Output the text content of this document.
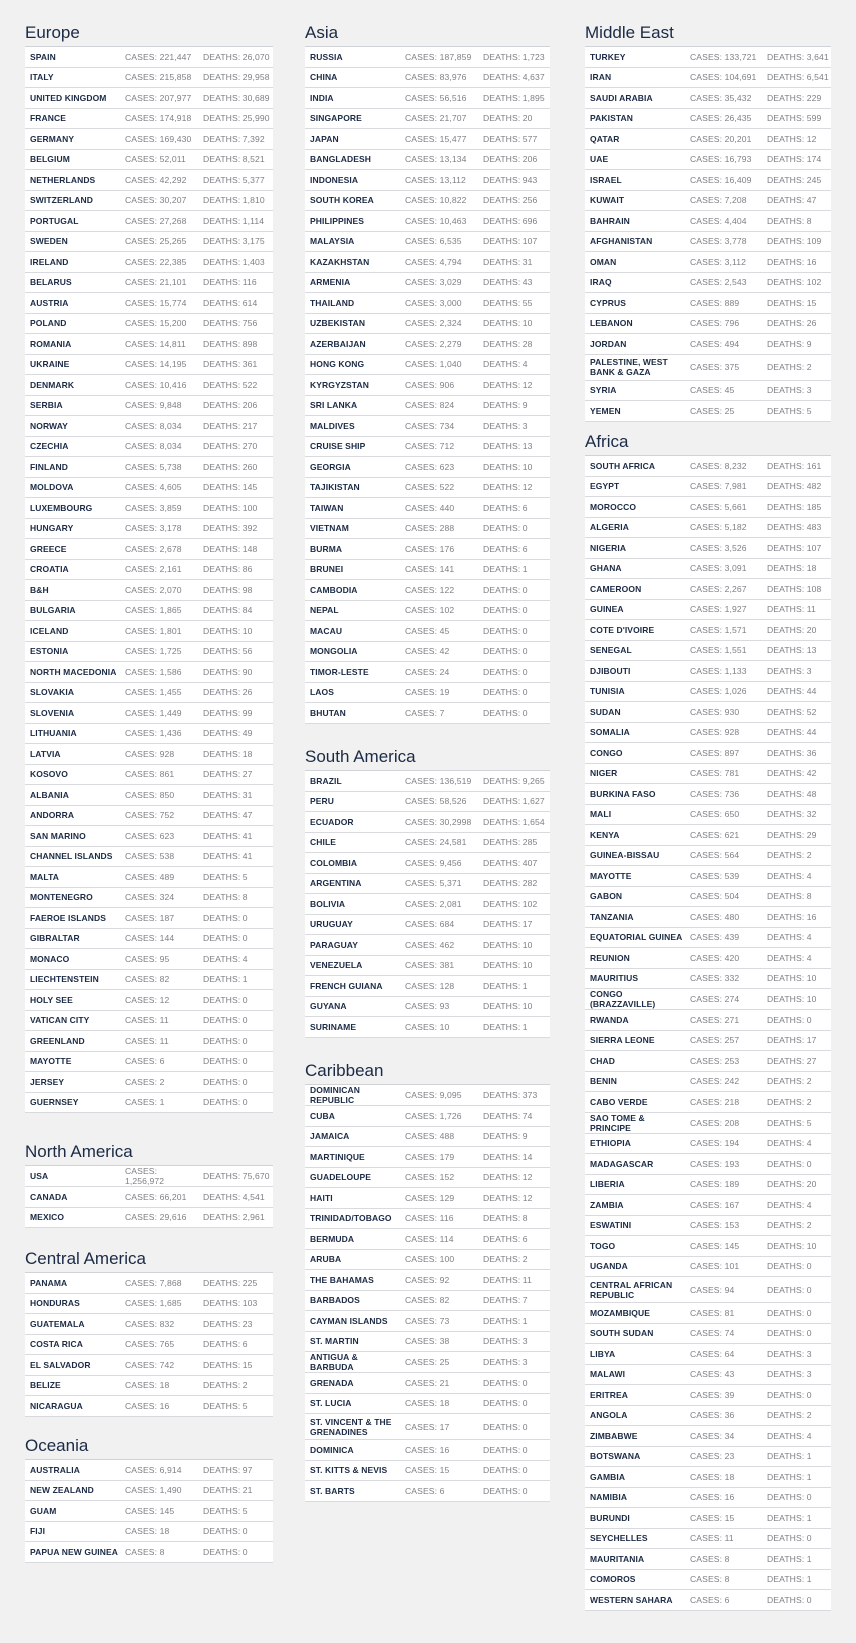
Europe
SPAIN	CASES: 221,447	DEATHS: 26,070
ITALY	CASES: 215,858	DEATHS: 29,958
UNITED KINGDOM	CASES: 207,977	DEATHS: 30,689
FRANCE	CASES: 174,918	DEATHS: 25,990
GERMANY	CASES: 169,430	DEATHS: 7,392
BELGIUM	CASES: 52,011	DEATHS: 8,521
NETHERLANDS	CASES: 42,292	DEATHS: 5,377
SWITZERLAND	CASES: 30,207	DEATHS: 1,810
PORTUGAL	CASES: 27,268	DEATHS: 1,114
SWEDEN	CASES: 25,265	DEATHS: 3,175
IRELAND	CASES: 22,385	DEATHS: 1,403
BELARUS	CASES: 21,101	DEATHS: 116
AUSTRIA	CASES: 15,774	DEATHS: 614
POLAND	CASES: 15,200	DEATHS: 756
ROMANIA	CASES: 14,811	DEATHS: 898
UKRAINE	CASES: 14,195	DEATHS: 361
DENMARK	CASES: 10,416	DEATHS: 522
SERBIA	CASES: 9,848	DEATHS: 206
NORWAY	CASES: 8,034	DEATHS: 217
CZECHIA	CASES: 8,034	DEATHS: 270
FINLAND	CASES: 5,738	DEATHS: 260
MOLDOVA	CASES: 4,605	DEATHS: 145
LUXEMBOURG	CASES: 3,859	DEATHS: 100
HUNGARY	CASES: 3,178	DEATHS: 392
GREECE	CASES: 2,678	DEATHS: 148
CROATIA	CASES: 2,161	DEATHS: 86
B&H	CASES: 2,070	DEATHS: 98
BULGARIA	CASES: 1,865	DEATHS: 84
ICELAND	CASES: 1,801	DEATHS: 10
ESTONIA	CASES: 1,725	DEATHS: 56
NORTH MACEDONIA	CASES: 1,586	DEATHS: 90
SLOVAKIA	CASES: 1,455	DEATHS: 26
SLOVENIA	CASES: 1,449	DEATHS: 99
LITHUANIA	CASES: 1,436	DEATHS: 49
LATVIA	CASES: 928	DEATHS: 18
KOSOVO	CASES: 861	DEATHS: 27
ALBANIA	CASES: 850	DEATHS: 31
ANDORRA	CASES: 752	DEATHS: 47
SAN MARINO	CASES: 623	DEATHS: 41
CHANNEL ISLANDS	CASES: 538	DEATHS: 41
MALTA	CASES: 489	DEATHS: 5
MONTENEGRO	CASES: 324	DEATHS: 8
FAEROE ISLANDS	CASES: 187	DEATHS: 0
GIBRALTAR	CASES: 144	DEATHS: 0
MONACO	CASES: 95	DEATHS: 4
LIECHTENSTEIN	CASES: 82	DEATHS: 1
HOLY SEE	CASES: 12	DEATHS: 0
VATICAN CITY	CASES: 11	DEATHS: 0
GREENLAND	CASES: 11	DEATHS: 0
MAYOTTE	CASES: 6	DEATHS: 0
JERSEY	CASES: 2	DEATHS: 0
GUERNSEY	CASES: 1	DEATHS: 0
North America
USA	CASES: 1,256,972	DEATHS: 75,670
CANADA	CASES: 66,201	DEATHS: 4,541
MEXICO	CASES: 29,616	DEATHS: 2,961
Central America
PANAMA	CASES: 7,868	DEATHS: 225
HONDURAS	CASES: 1,685	DEATHS: 103
GUATEMALA	CASES: 832	DEATHS: 23
COSTA RICA	CASES: 765	DEATHS: 6
EL SALVADOR	CASES: 742	DEATHS: 15
BELIZE	CASES: 18	DEATHS: 2
NICARAGUA	CASES: 16	DEATHS: 5
Oceania
AUSTRALIA	CASES: 6,914	DEATHS: 97
NEW ZEALAND	CASES: 1,490	DEATHS: 21
GUAM	CASES: 145	DEATHS: 5
FIJI	CASES: 18	DEATHS: 0
PAPUA NEW GUINEA	CASES: 8	DEATHS: 0
Asia
RUSSIA	CASES: 187,859	DEATHS: 1,723
CHINA	CASES: 83,976	DEATHS: 4,637
INDIA	CASES: 56,516	DEATHS: 1,895
SINGAPORE	CASES: 21,707	DEATHS: 20
JAPAN	CASES: 15,477	DEATHS: 577
BANGLADESH	CASES: 13,134	DEATHS: 206
INDONESIA	CASES: 13,112	DEATHS: 943
SOUTH KOREA	CASES: 10,822	DEATHS: 256
PHILIPPINES	CASES: 10,463	DEATHS: 696
MALAYSIA	CASES: 6,535	DEATHS: 107
KAZAKHSTAN	CASES: 4,794	DEATHS: 31
ARMENIA	CASES: 3,029	DEATHS: 43
THAILAND	CASES: 3,000	DEATHS: 55
UZBEKISTAN	CASES: 2,324	DEATHS: 10
AZERBAIJAN	CASES: 2,279	DEATHS: 28
HONG KONG	CASES: 1,040	DEATHS: 4
KYRGYZSTAN	CASES: 906	DEATHS: 12
SRI LANKA	CASES: 824	DEATHS: 9
MALDIVES	CASES: 734	DEATHS: 3
CRUISE SHIP	CASES: 712	DEATHS: 13
GEORGIA	CASES: 623	DEATHS: 10
TAJIKISTAN	CASES: 522	DEATHS: 12
TAIWAN	CASES: 440	DEATHS: 6
VIETNAM	CASES: 288	DEATHS: 0
BURMA	CASES: 176	DEATHS: 6
BRUNEI	CASES: 141	DEATHS: 1
CAMBODIA	CASES: 122	DEATHS: 0
NEPAL	CASES: 102	DEATHS: 0
MACAU	CASES: 45	DEATHS: 0
MONGOLIA	CASES: 42	DEATHS: 0
TIMOR-LESTE	CASES: 24	DEATHS: 0
LAOS	CASES: 19	DEATHS: 0
BHUTAN	CASES: 7	DEATHS: 0
South America
BRAZIL	CASES: 136,519	DEATHS: 9,265
PERU	CASES: 58,526	DEATHS: 1,627
ECUADOR	CASES: 30,2998	DEATHS: 1,654
CHILE	CASES: 24,581	DEATHS: 285
COLOMBIA	CASES: 9,456	DEATHS: 407
ARGENTINA	CASES: 5,371	DEATHS: 282
BOLIVIA	CASES: 2,081	DEATHS: 102
URUGUAY	CASES: 684	DEATHS: 17
PARAGUAY	CASES: 462	DEATHS: 10
VENEZUELA	CASES: 381	DEATHS: 10
FRENCH GUIANA	CASES: 128	DEATHS: 1
GUYANA	CASES: 93	DEATHS: 10
SURINAME	CASES: 10	DEATHS: 1
Caribbean
DOMINICAN REPUBLIC	CASES: 9,095	DEATHS: 373
CUBA	CASES: 1,726	DEATHS: 74
JAMAICA	CASES: 488	DEATHS: 9
MARTINIQUE	CASES: 179	DEATHS: 14
GUADELOUPE	CASES: 152	DEATHS: 12
HAITI	CASES: 129	DEATHS: 12
TRINIDAD/TOBAGO	CASES: 116	DEATHS: 8
BERMUDA	CASES: 114	DEATHS: 6
ARUBA	CASES: 100	DEATHS: 2
THE BAHAMAS	CASES: 92	DEATHS: 11
BARBADOS	CASES: 82	DEATHS: 7
CAYMAN ISLANDS	CASES: 73	DEATHS: 1
ST. MARTIN	CASES: 38	DEATHS: 3
ANTIGUA & BARBUDA	CASES: 25	DEATHS: 3
GRENADA	CASES: 21	DEATHS: 0
ST. LUCIA	CASES: 18	DEATHS: 0
ST. VINCENT & THE GRENADINES	CASES: 17	DEATHS: 0
DOMINICA	CASES: 16	DEATHS: 0
ST. KITTS & NEVIS	CASES: 15	DEATHS: 0
ST. BARTS	CASES: 6	DEATHS: 0
Middle East
TURKEY	CASES: 133,721	DEATHS: 3,641
IRAN	CASES: 104,691	DEATHS: 6,541
SAUDI ARABIA	CASES: 35,432	DEATHS: 229
PAKISTAN	CASES: 26,435	DEATHS: 599
QATAR	CASES: 20,201	DEATHS: 12
UAE	CASES: 16,793	DEATHS: 174
ISRAEL	CASES: 16,409	DEATHS: 245
KUWAIT	CASES: 7,208	DEATHS: 47
BAHRAIN	CASES: 4,404	DEATHS: 8
AFGHANISTAN	CASES: 3,778	DEATHS: 109
OMAN	CASES: 3,112	DEATHS: 16
IRAQ	CASES: 2,543	DEATHS: 102
CYPRUS	CASES: 889	DEATHS: 15
LEBANON	CASES: 796	DEATHS: 26
JORDAN	CASES: 494	DEATHS: 9
PALESTINE, WEST BANK & GAZA	CASES: 375	DEATHS: 2
SYRIA	CASES: 45	DEATHS: 3
YEMEN	CASES: 25	DEATHS: 5
Africa
SOUTH AFRICA	CASES: 8,232	DEATHS: 161
EGYPT	CASES: 7,981	DEATHS: 482
MOROCCO	CASES: 5,661	DEATHS: 185
ALGERIA	CASES: 5,182	DEATHS: 483
NIGERIA	CASES: 3,526	DEATHS: 107
GHANA	CASES: 3,091	DEATHS: 18
CAMEROON	CASES: 2,267	DEATHS: 108
GUINEA	CASES: 1,927	DEATHS: 11
COTE D'IVOIRE	CASES: 1,571	DEATHS: 20
SENEGAL	CASES: 1,551	DEATHS: 13
DJIBOUTI	CASES: 1,133	DEATHS: 3
TUNISIA	CASES: 1,026	DEATHS: 44
SUDAN	CASES: 930	DEATHS: 52
SOMALIA	CASES: 928	DEATHS: 44
CONGO	CASES: 897	DEATHS: 36
NIGER	CASES: 781	DEATHS: 42
BURKINA FASO	CASES: 736	DEATHS: 48
MALI	CASES: 650	DEATHS: 32
KENYA	CASES: 621	DEATHS: 29
GUINEA-BISSAU	CASES: 564	DEATHS: 2
MAYOTTE	CASES: 539	DEATHS: 4
GABON	CASES: 504	DEATHS: 8
TANZANIA	CASES: 480	DEATHS: 16
EQUATORIAL GUINEA	CASES: 439	DEATHS: 4
REUNION	CASES: 420	DEATHS: 4
MAURITIUS	CASES: 332	DEATHS: 10
CONGO (BRAZZAVILLE)	CASES: 274	DEATHS: 10
RWANDA	CASES: 271	DEATHS: 0
SIERRA LEONE	CASES: 257	DEATHS: 17
CHAD	CASES: 253	DEATHS: 27
BENIN	CASES: 242	DEATHS: 2
CABO VERDE	CASES: 218	DEATHS: 2
SAO TOME & PRINCIPE	CASES: 208	DEATHS: 5
ETHIOPIA	CASES: 194	DEATHS: 4
MADAGASCAR	CASES: 193	DEATHS: 0
LIBERIA	CASES: 189	DEATHS: 20
ZAMBIA	CASES: 167	DEATHS: 4
ESWATINI	CASES: 153	DEATHS: 2
TOGO	CASES: 145	DEATHS: 10
UGANDA	CASES: 101	DEATHS: 0
CENTRAL AFRICAN REPUBLIC	CASES: 94	DEATHS: 0
MOZAMBIQUE	CASES: 81	DEATHS: 0
SOUTH SUDAN	CASES: 74	DEATHS: 0
LIBYA	CASES: 64	DEATHS: 3
MALAWI	CASES: 43	DEATHS: 3
ERITREA	CASES: 39	DEATHS: 0
ANGOLA	CASES: 36	DEATHS: 2
ZIMBABWE	CASES: 34	DEATHS: 4
BOTSWANA	CASES: 23	DEATHS: 1
GAMBIA	CASES: 18	DEATHS: 1
NAMIBIA	CASES: 16	DEATHS: 0
BURUNDI	CASES: 15	DEATHS: 1
SEYCHELLES	CASES: 11	DEATHS: 0
MAURITANIA	CASES: 8	DEATHS: 1
COMOROS	CASES: 8	DEATHS: 1
WESTERN SAHARA	CASES: 6	DEATHS: 0
